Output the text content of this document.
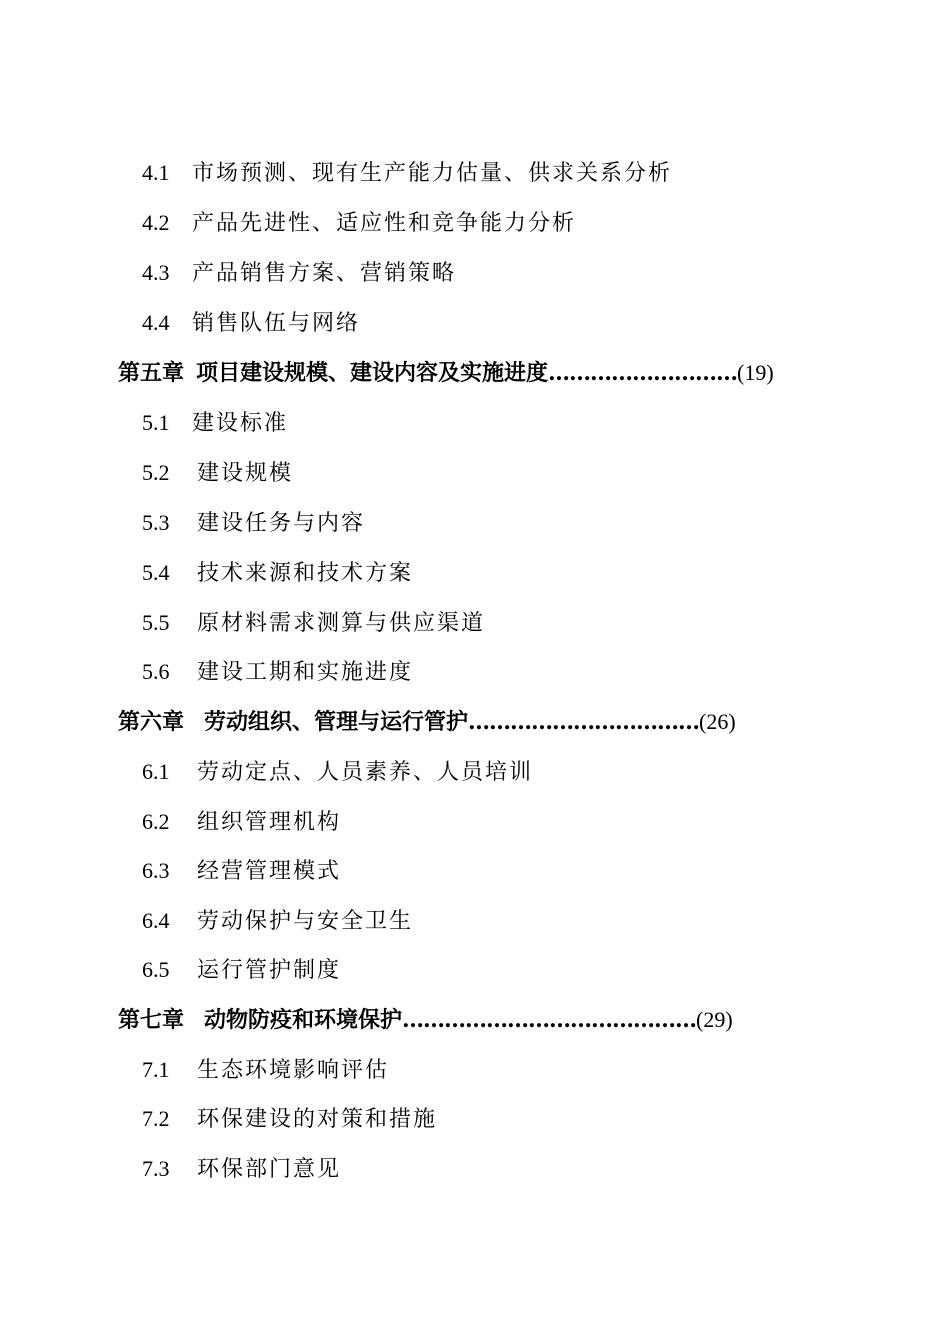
4.1 市场预测、现有生产能力估量、供求关系分析
4.2 产品先进性、适应性和竞争能力分析
4.3 产品销售方案、营销策略
4.4 销售队伍与网络
第五章 项目建设规模、建设内容及实施进度………………………(19)
5.1 建设标准
5.2 建设规模
5.3 建设任务与内容
5.4 技术来源和技术方案
5.5 原材料需求测算与供应渠道
5.6 建设工期和实施进度
第六章 劳动组织、管理与运行管护……………………………(26)
6.1 劳动定点、人员素养、人员培训
6.2 组织管理机构
6.3 经营管理模式
6.4 劳动保护与安全卫生
6.5 运行管护制度
第七章 动物防疫和环境保护……………………………………(29)
7.1 生态环境影响评估
7.2 环保建设的对策和措施
7.3 环保部门意见
